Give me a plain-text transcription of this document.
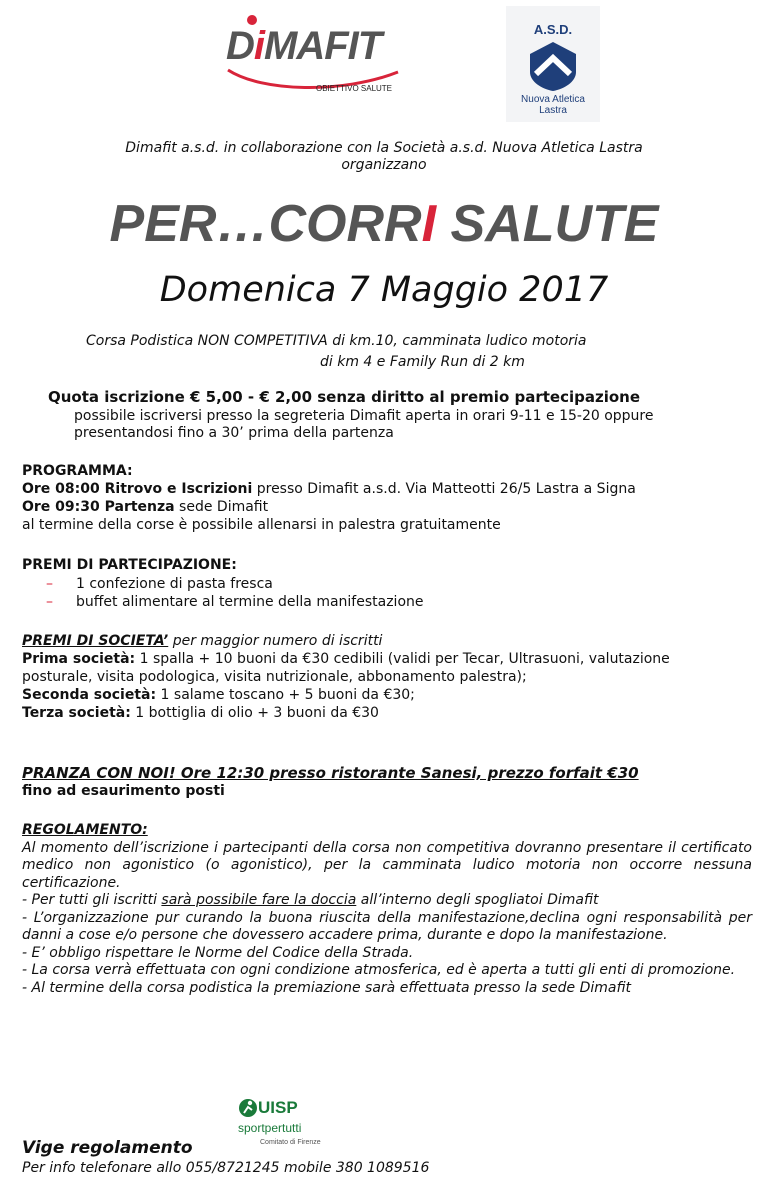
DiMAFIT
OBIETTIVO SALUTE
A.S.D.
Nuova Atletica
Lastra
Dimafit a.s.d. in collaborazione con la Società a.s.d. Nuova Atletica Lastra
organizzano
PER…CORRI SALUTE
Domenica 7 Maggio 2017
Corsa Podistica NON COMPETITIVA di km.10, camminata ludico motoria
di km 4 e Family Run di 2 km
Quota iscrizione € 5,00 - € 2,00 senza diritto al premio partecipazione
possibile iscriversi presso la segreteria Dimafit aperta in orari 9-11 e 15-20 oppure
presentandosi fino a 30’ prima della partenza
PROGRAMMA:
Ore 08:00 Ritrovo e Iscrizioni presso Dimafit a.s.d. Via Matteotti 26/5 Lastra a Signa
Ore 09:30 Partenza sede Dimafit
al termine della corse è possibile allenarsi in palestra gratuitamente
PREMI DI PARTECIPAZIONE:
– 1 confezione di pasta fresca
– buffet alimentare al termine della manifestazione
PREMI DI SOCIETA’ per maggior numero di iscritti
Prima società: 1 spalla + 10 buoni da €30 cedibili (validi per Tecar, Ultrasuoni, valutazione
posturale, visita podologica, visita nutrizionale, abbonamento palestra);
Seconda società: 1 salame toscano + 5 buoni da €30;
Terza società: 1 bottiglia di olio + 3 buoni da €30
PRANZA CON NOI! Ore 12:30 presso ristorante Sanesi, prezzo forfait €30
fino ad esaurimento posti
REGOLAMENTO:
Al momento dell’iscrizione i partecipanti della corsa non competitiva dovranno presentare il certificato medico non agonistico (o agonistico), per la camminata ludico motoria non occorre nessuna certificazione.
- Per tutti gli iscritti sarà possibile fare la doccia all’interno degli spogliatoi Dimafit
- L’organizzazione pur curando la buona riuscita della manifestazione,declina ogni responsabilità per danni a cose e/o persone che dovessero accadere prima, durante e dopo la manifestazione.
- E’ obbligo rispettare le Norme del Codice della Strada.
- La corsa verrà effettuata con ogni condizione atmosferica, ed è aperta a tutti gli enti di promozione.
- Al termine della corsa podistica la premiazione sarà effettuata presso la sede Dimafit
UISP
sportpertutti
Comitato di Firenze
Vige regolamento
Per info telefonare allo 055/8721245 mobile 380 1089516
